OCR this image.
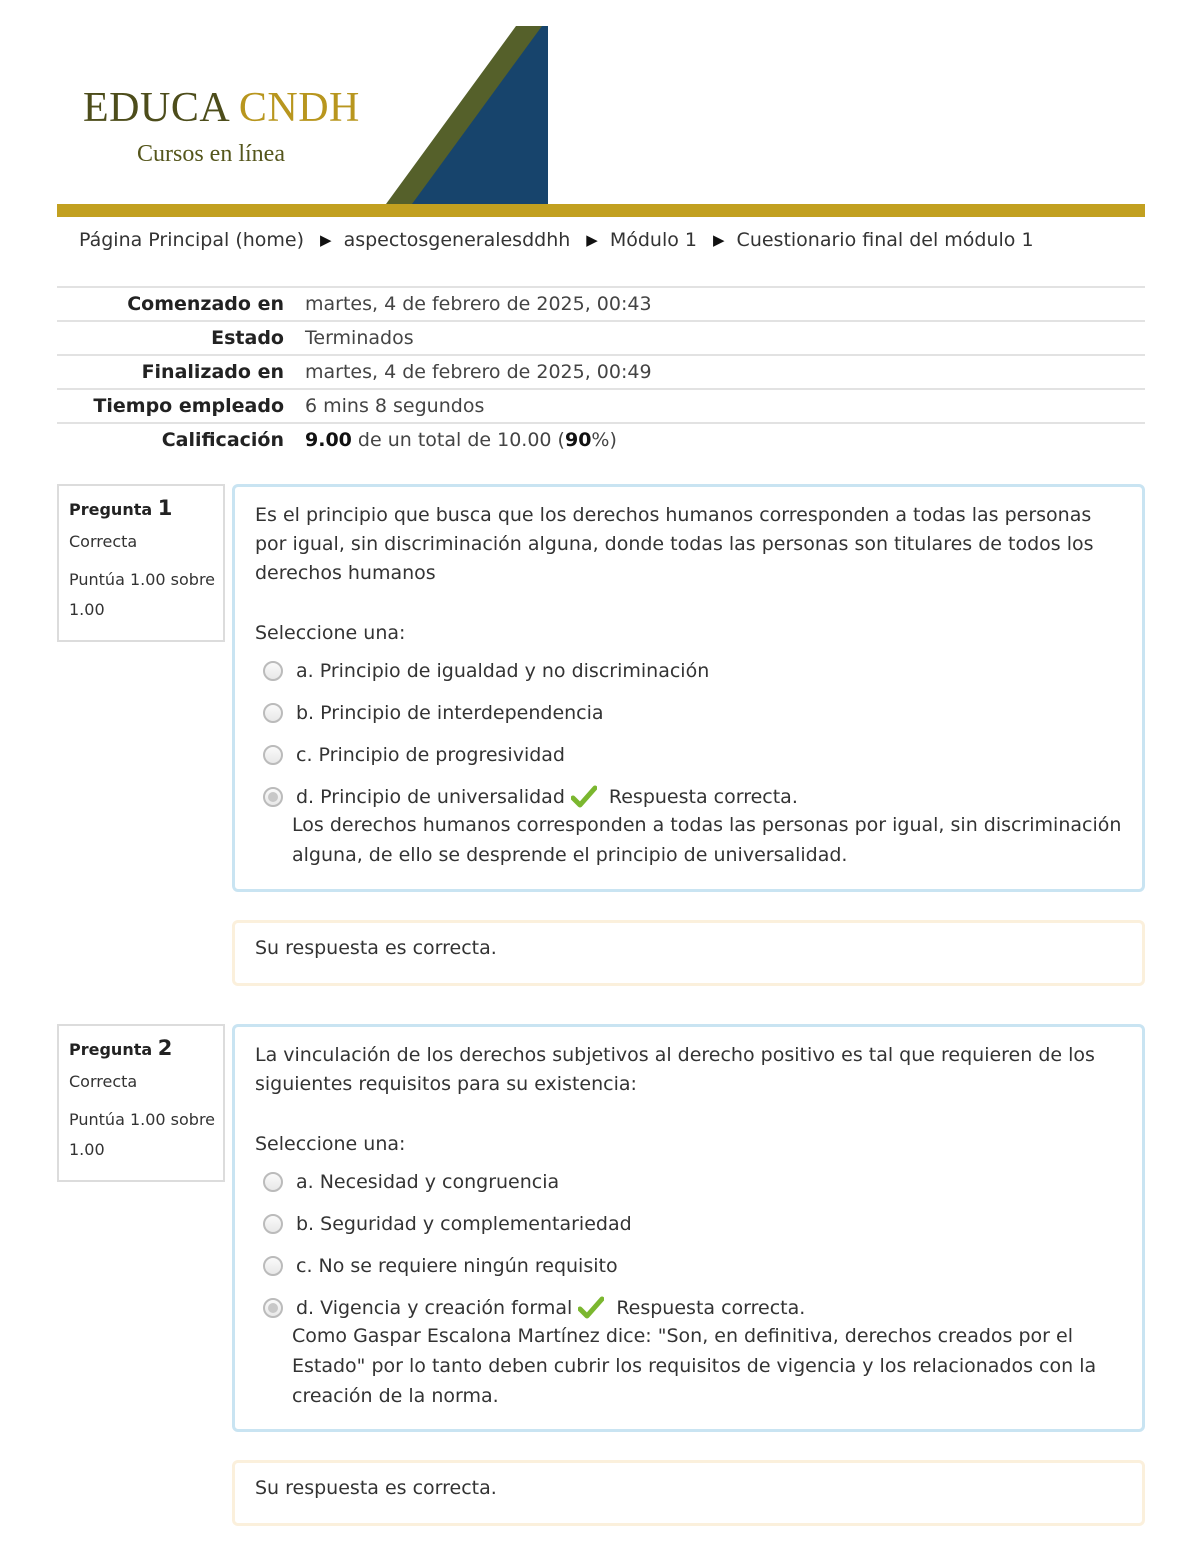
EDUCA CNDH
Cursos en línea
Página Principal (home) ▶ aspectosgeneralesddhh ▶ Módulo 1 ▶ Cuestionario final del módulo 1
Comenzado en	martes, 4 de febrero de 2025, 00:43
Estado	Terminados
Finalizado en	martes, 4 de febrero de 2025, 00:49
Tiempo empleado	6 mins 8 segundos
Calificación	9.00 de un total de 10.00 (90%)
Pregunta 1
Correcta
Puntúa 1.00 sobre 1.00
Es el principio que busca que los derechos humanos corresponden a todas las personas por igual, sin discriminación alguna, donde todas las personas son titulares de todos los derechos humanos
Seleccione una:
a. Principio de igualdad y no discriminación
b. Principio de interdependencia
c. Principio de progresividad
d. Principio de universalidad Respuesta correcta.
Los derechos humanos corresponden a todas las personas por igual, sin discriminación alguna, de ello se desprende el principio de universalidad.
Su respuesta es correcta.
Pregunta 2
Correcta
Puntúa 1.00 sobre 1.00
La vinculación de los derechos subjetivos al derecho positivo es tal que requieren de los siguientes requisitos para su existencia:
Seleccione una:
a. Necesidad y congruencia
b. Seguridad y complementariedad
c. No se requiere ningún requisito
d. Vigencia y creación formal Respuesta correcta.
Como Gaspar Escalona Martínez dice: "Son, en definitiva, derechos creados por el Estado" por lo tanto deben cubrir los requisitos de vigencia y los relacionados con la creación de la norma.
Su respuesta es correcta.
